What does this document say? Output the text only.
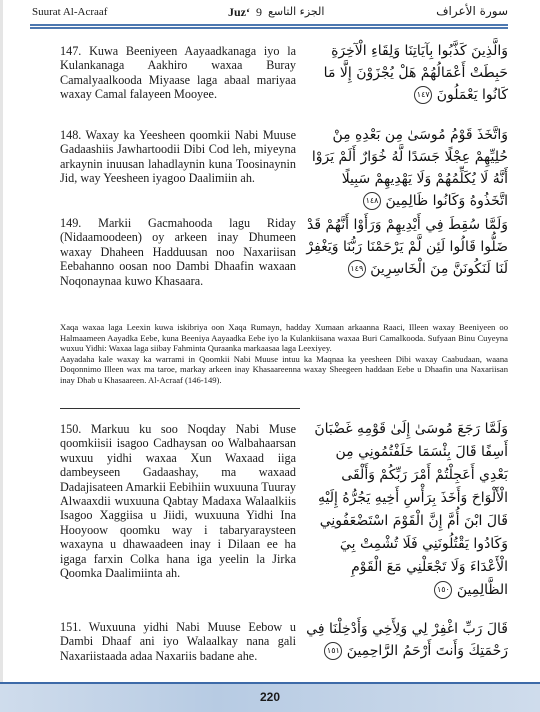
Suurat Al-Acraaf	Juz‘ 9 الجزء التاسع	سورة الأعراف
147. Kuwa Beeniyeen Aayaadkanaga iyo la Kulankanaga Aakhiro waxaa Buray Camalyaalkooda Miyaase laga abaal mariyaa waxay Camal falayeen Mooyee.
وَالَّذِينَ كَذَّبُوا بِآيَاتِنَا وَلِقَاءِ الْآخِرَةِ حَبِطَتْ أَعْمَالُهُمْ هَلْ يُجْزَوْنَ إِلَّا مَا كَانُوا يَعْمَلُونَ ١٤٧
148. Waxay ka Yeesheen qoomkii Nabi Muuse Gadaashiis Jawhartoodii Dibi Cod leh, miyeyna arkaynin inuusan lahadlaynin kuna Toosinaynin Jid, way Yeesheen iyagoo Daalimiin ah.
وَاتَّخَذَ قَوْمُ مُوسَىٰ مِن بَعْدِهِ مِنْ حُلِيِّهِمْ عِجْلًا جَسَدًا لَّهُ خُوَارٌ أَلَمْ يَرَوْا أَنَّهُ لَا يُكَلِّمُهُمْ وَلَا يَهْدِيهِمْ سَبِيلًا اتَّخَذُوهُ وَكَانُوا ظَالِمِينَ ١٤٨
149. Markii Gacmahooda lagu Riday (Nidaamoodeen) oy arkeen inay Dhumeen waxay Dhaheen Hadduusan noo Naxariisan Eebahanno oosan noo Dambi Dhaafin waxaan Noqonaynaa kuwo Khasaara.
وَلَمَّا سُقِطَ فِي أَيْدِيهِمْ وَرَأَوْا أَنَّهُمْ قَدْ ضَلُّوا قَالُوا لَئِن لَّمْ يَرْحَمْنَا رَبُّنَا وَيَغْفِرْ لَنَا لَنَكُونَنَّ مِنَ الْخَاسِرِينَ ١٤٩

Xaqa waxaa laga Leexin kuwa iskibriya oon Xaqa Rumayn, hadday Xumaan arkaanna Raaci, Illeen waxay Beeniyeen oo Halmaameen Aayadka Eebe, kuna Beeniya Aayaadka Eebe iyo la Kulankiisana waxaa Buri Camalkooda. Sufyaan Binu Cuyeyna wuxuu Yidhi: Waxaa laga siibay Fahminta Quraanka markaasaa laga Leexiyey.

Aayadaha kale waxay ka warrami in Qoomkii Nabi Muuse intuu ka Maqnaa ka yeesheen Dibi waxay Caabudaan, waana Doqonnimo Illeen wax ma taroe, markay arkeen inay Khasaareenna waxay Sheegeen haddaan Eebe u Dhaafin una Naxariisan inay Dhab u Khasaareen. Al-Acraaf (146-149).

150. Markuu ku soo Noqday Nabi Muse qoomkiisii isagoo Cadhaysan oo Walbahaarsan wuxuu yidhi waxaa Xun Waxaad iiga dambeyseen Gadaashay, ma waxaad Dadajisateen Amarkii Eebihiin wuxuuna Tuuray Alwaaxdii wuxuuna Qabtay Madaxa Walaalkiis Isagoo Xaggiisa u Jiidi, wuxuuna Yidhi Ina Hooyoow qoomku way i tabaryaraysteen waxayna u dhawaadeen inay i Dilaan ee ha igaga farxin Colka hana iga yeelin la Jirka Qoomka Daalimiinta ah.
وَلَمَّا رَجَعَ مُوسَىٰ إِلَىٰ قَوْمِهِ غَضْبَانَ أَسِفًا قَالَ بِئْسَمَا خَلَفْتُمُونِي مِن بَعْدِي أَعَجِلْتُمْ أَمْرَ رَبِّكُمْ وَأَلْقَى الْأَلْوَاحَ وَأَخَذَ بِرَأْسِ أَخِيهِ يَجُرُّهُ إِلَيْهِ قَالَ ابْنَ أُمَّ إِنَّ الْقَوْمَ اسْتَضْعَفُونِي وَكَادُوا يَقْتُلُونَنِي فَلَا تُشْمِتْ بِيَ الْأَعْدَاءَ وَلَا تَجْعَلْنِي مَعَ الْقَوْمِ الظَّالِمِينَ ١٥٠
151. Wuxuuna yidhi Nabi Muuse Eebow u Dambi Dhaaf ani iyo Walaalkay nana gali Naxariistaada adaa Naxariis badane ahe.
قَالَ رَبِّ اغْفِرْ لِي وَلِأَخِي وَأَدْخِلْنَا فِي رَحْمَتِكَ وَأَنتَ أَرْحَمُ الرَّاحِمِينَ ١٥١
220
